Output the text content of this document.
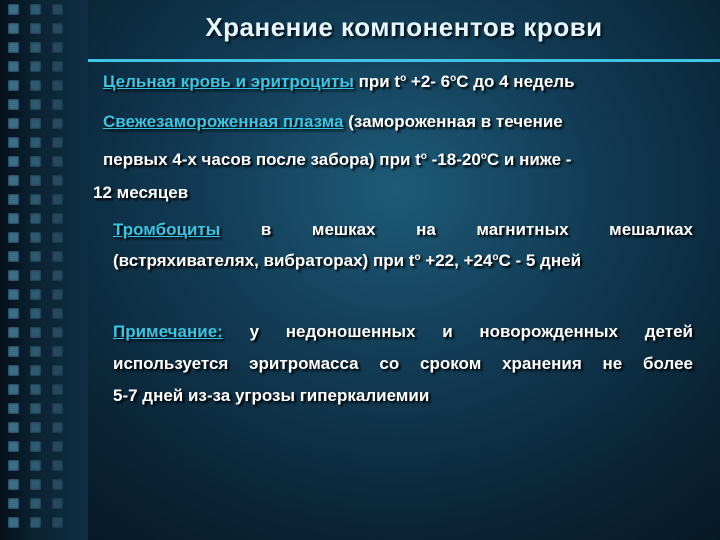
Хранение компонентов крови
Цельная кровь и эритроциты при $t^о +2-$ $6^оС$ до 4 недель
Свежезамороженная плазма (замороженная в течение
первых 4-х часов после забора) при $t^о$ $-18-20^оС$ и ниже -
12 месяцев
Тромбоциты в мешках на магнитных мешалках
(встряхивателях, вибраторах) при $t^о +22$, $+24^оС - 5$ дней
Примечание: у недоношенных и новорожденных детей
используется эритромасса со сроком хранения не более
5-7 дней из-за угрозы гиперкалиемии
